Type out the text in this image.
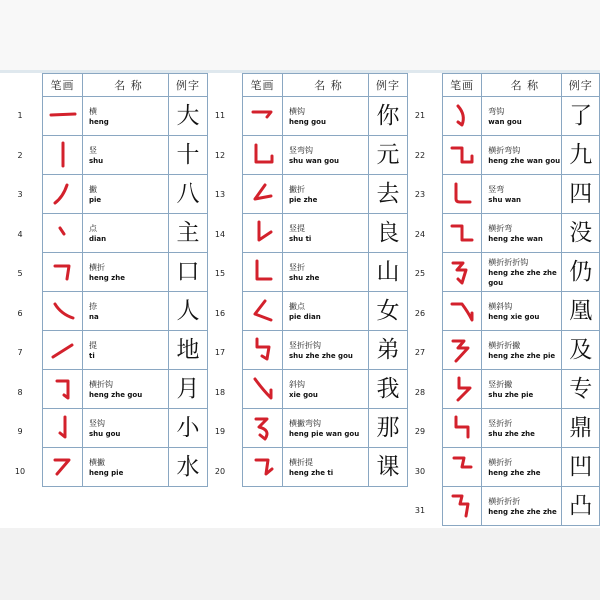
1
2
3
4
5
6
7
8
9
10
笔画	名 称	例字

横
heng	大

竖
shu	十

撇
pie	八

点
dian	主

横折
heng zhe	口

捺
na	人

提
ti	地

横折钩
heng zhe gou	月

竖钩
shu gou	小

横撇
heng pie	水
11
12
13
14
15
16
17
18
19
20
笔画	名 称	例字

横钩
heng gou	你

竖弯钩
shu wan gou	元

撇折
pie zhe	去

竖提
shu ti	良

竖折
shu zhe	山

撇点
pie dian	女

竖折折钩
shu zhe zhe gou	弟

斜钩
xie gou	我

横撇弯钩
heng pie wan gou	那

横折提
heng zhe ti	课
21
22
23
24
25
26
27
28
29
30
31
笔画	名 称	例字

弯钩
wan gou	了

横折弯钩
heng zhe wan gou	九

竖弯
shu wan	四

横折弯
heng zhe wan	没

横折折折钩
heng zhe zhe zhe gou	仍

横斜钩
heng xie gou	凰

横折折撇
heng zhe zhe pie	及

竖折撇
shu zhe pie	专

竖折折
shu zhe zhe	鼎

横折折
heng zhe zhe	凹

横折折折
heng zhe zhe zhe	凸
